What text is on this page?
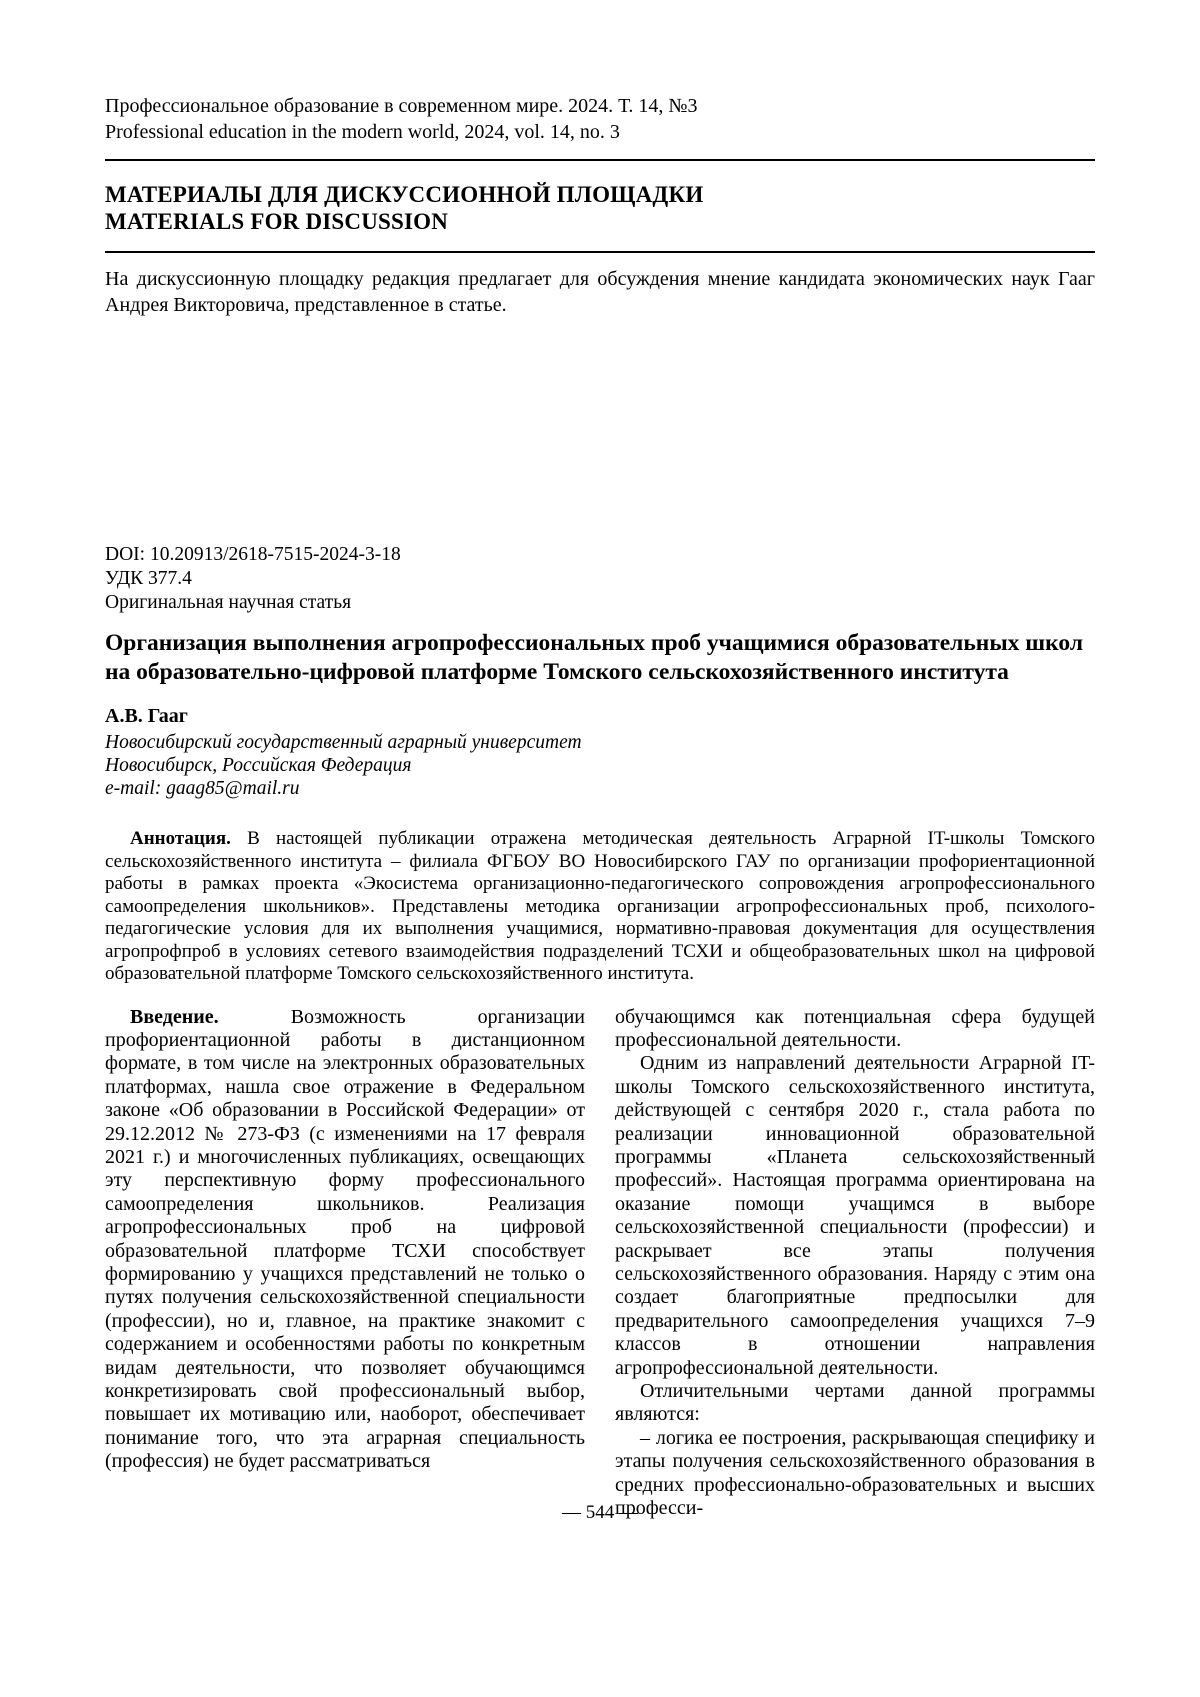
Профессиональное образование в современном мире. 2024. Т. 14, №3
Professional education in the modern world, 2024, vol. 14, no. 3
МАТЕРИАЛЫ ДЛЯ ДИСКУССИОННОЙ ПЛОЩАДКИ
MATERIALS FOR DISCUSSION

На дискуссионную площадку редакция предлагает для обсуждения мнение кандидата экономических наук Гааг Андрея Викторовича, представленное в статье.

DOI: 10.20913/2618-7515-2024-3-18
УДК 377.4
Оригинальная научная статья
Организация выполнения агропрофессиональных проб учащимися образовательных школ на образовательно-цифровой платформе Томского сельскохозяйственного института
А.В. Гааг
Новосибирский государственный аграрный университет
Новосибирск, Российская Федерация
e-mail: gaag85@mail.ru

Аннотация. В настоящей публикации отражена методическая деятельность Аграрной IT-школы Томского сельскохозяйственного института – филиала ФГБОУ ВО Новосибирского ГАУ по организации профориентационной работы в рамках проекта «Экосистема организационно-педагогического сопровождения агропрофессионального самоопределения школьников». Представлены методика организации агропрофессиональных проб, психолого-педагогические условия для их выполнения учащимися, нормативно-правовая документация для осуществления агропрофпроб в условиях сетевого взаимодействия подразделений ТСХИ и общеобразовательных школ на цифровой образовательной платформе Томского сельскохозяйственного института.

Введение.	Возможность организации профориентационной работы в дистанционном формате, в том числе на электронных образовательных платформах, нашла свое отражение в Федеральном законе «Об образовании в Российской Федерации» от 29.12.2012 № 273-ФЗ (с изменениями на 17 февраля 2021 г.) и многочисленных публикациях, освещающих эту перспективную форму профессионального самоопределения школьников. Реализация агропрофессиональных проб на цифровой образовательной платформе ТСХИ способствует формированию у учащихся представлений не только о путях получения сельскохозяйственной специальности (профессии), но и, главное, на практике знакомит с содержанием и особенностями работы по конкретным видам деятельности, что позволяет обучающимся конкретизировать свой профессиональный выбор, повышает их мотивацию или, наоборот, обеспечивает понимание того, что эта аграрная специальность (профессия) не будет рассматриваться

обучающимся как потенциальная сфера будущей профессиональной деятельности.

Одним из направлений деятельности Аграрной IT-школы Томского сельскохозяйственного института, действующей с сентября 2020 г., стала работа по реализации инновационной образовательной программы «Планета сельскохозяйственный профессий». Настоящая программа ориентирована на оказание помощи учащимся в выборе сельскохозяйственной специальности (профессии) и раскрывает все этапы получения сельскохозяйственного образования. Наряду с этим она создает благоприятные предпосылки для предварительного самоопределения учащихся 7–9 классов в отношении направления агропрофессиональной деятельности.

Отличительными чертами данной программы являются:

– логика ее построения, раскрывающая специфику и этапы получения сельскохозяйственного образования в средних профессионально-образовательных и высших професси-

— 544 —
